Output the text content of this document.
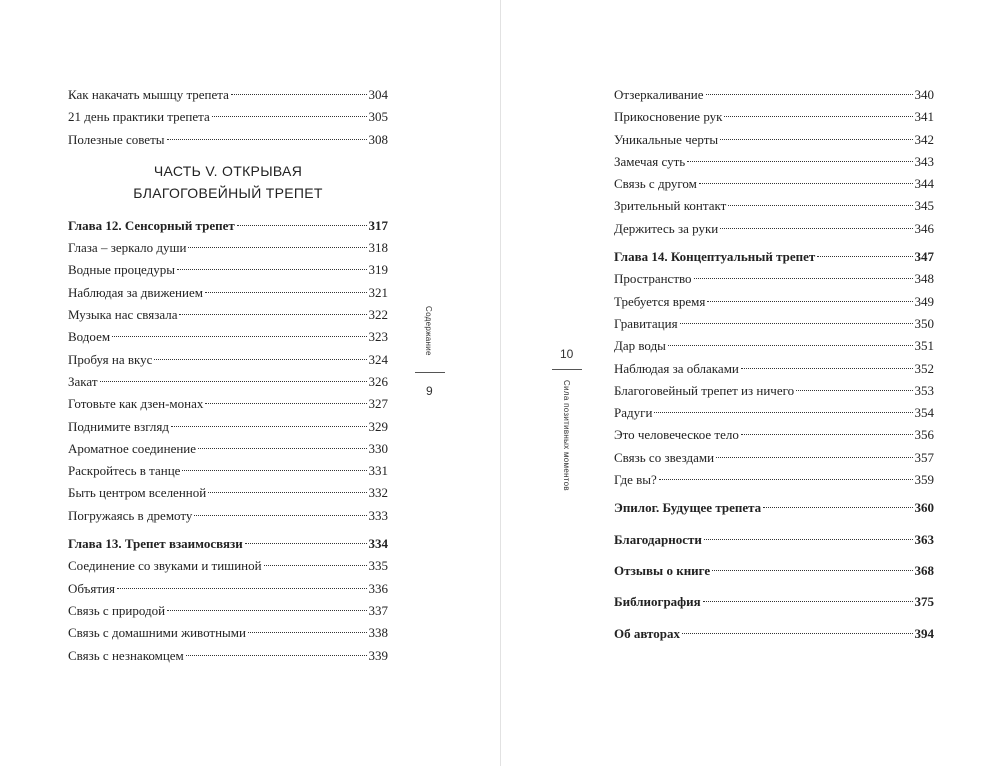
Как накачать мышцу трепета	304
21 день практики трепета	305
Полезные советы	308
ЧАСТЬ V. ОТКРЫВАЯ
БЛАГОГОВЕЙНЫЙ ТРЕПЕТ
Глава 12. Сенсорный трепет	317
Глаза – зеркало души	318
Водные процедуры	319
Наблюдая за движением	321
Музыка нас связала	322
Водоем	323
Пробуя на вкус	324
Закат	326
Готовьте как дзен-монах	327
Поднимите взгляд	329
Ароматное соединение	330
Раскройтесь в танце	331
Быть центром вселенной	332
Погружаясь в дремоту	333
Глава 13. Трепет взаимосвязи	334
Соединение со звуками и тишиной	335
Объятия	336
Связь с природой	337
Связь с домашними животными	338
Связь с незнакомцем	339
Содержание
9
10
Сила позитивных моментов
Отзеркаливание	340
Прикосновение рук	341
Уникальные черты	342
Замечая суть	343
Связь с другом	344
Зрительный контакт	345
Держитесь за руки	346
Глава 14. Концептуальный трепет	347
Пространство	348
Требуется время	349
Гравитация	350
Дар воды	351
Наблюдая за облаками	352
Благоговейный трепет из ничего	353
Радуги	354
Это человеческое тело	356
Связь со звездами	357
Где вы?	359
Эпилог. Будущее трепета	360
Благодарности	363
Отзывы о книге	368
Библиография	375
Об авторах	394
